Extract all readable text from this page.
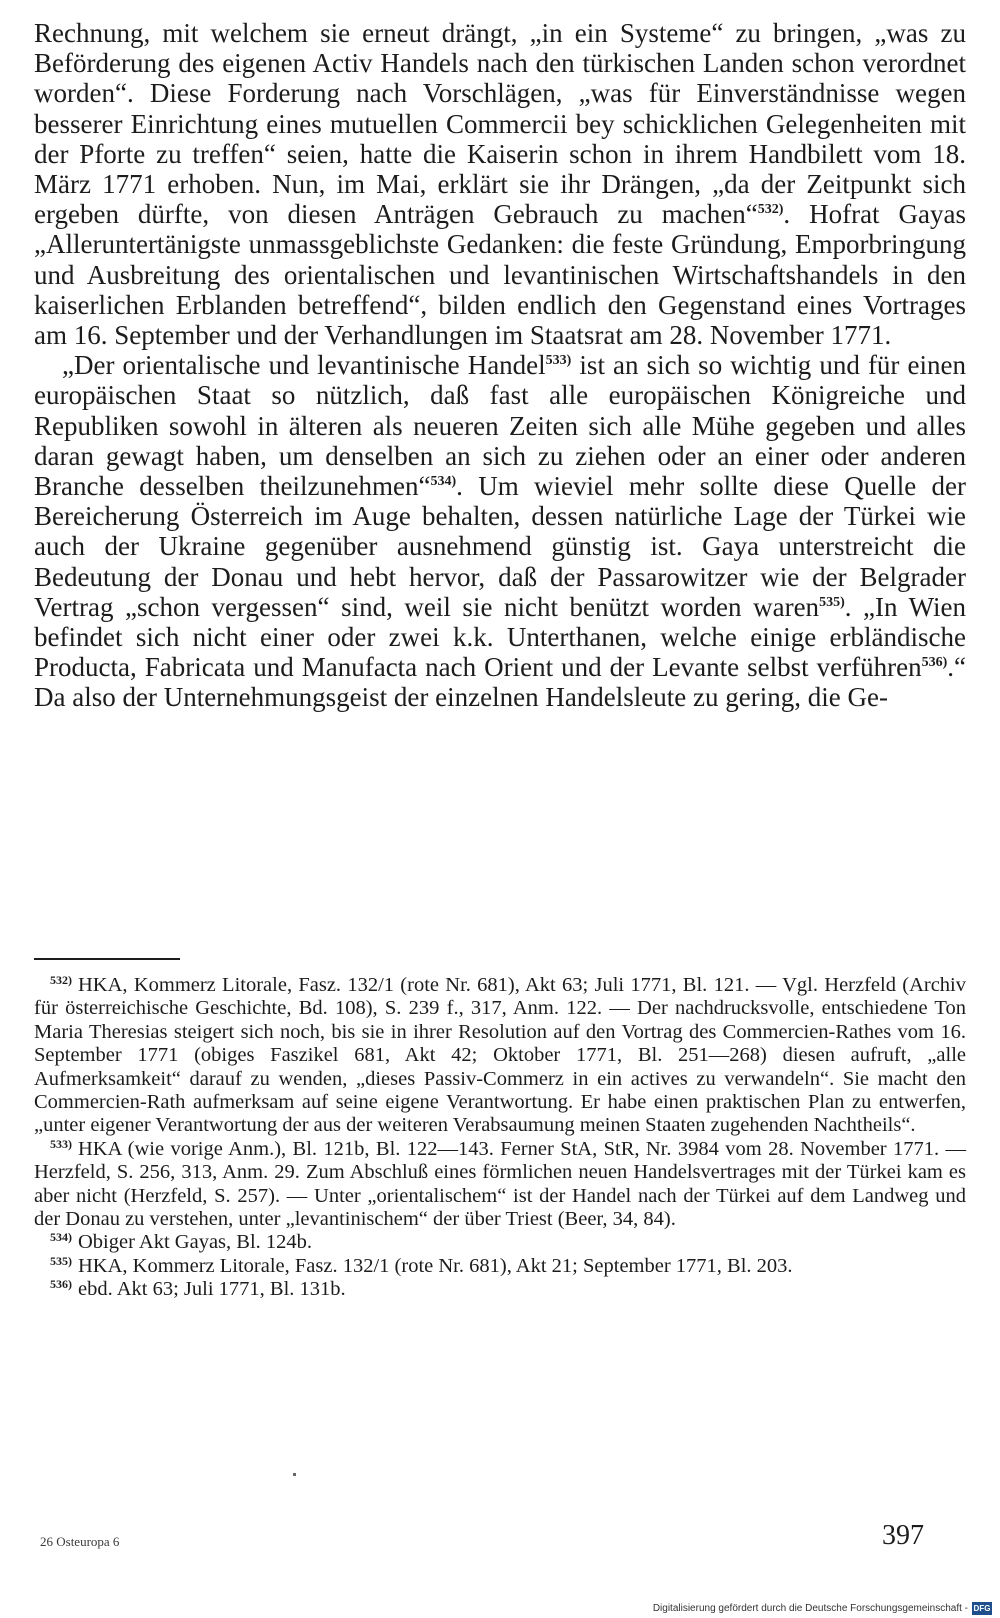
Rechnung, mit welchem sie erneut drängt, „in ein Systeme“ zu bringen, „was zu Beförderung des eigenen Activ Handels nach den türkischen Landen schon verordnet worden“. Diese Forderung nach Vorschlägen, „was für Einverständnisse wegen besserer Einrichtung eines mutuellen Commercii bey schicklichen Gelegenheiten mit der Pforte zu treffen“ seien, hatte die Kaiserin schon in ihrem Handbilett vom 18. März 1771 erhoben. Nun, im Mai, erklärt sie ihr Drängen, „da der Zeitpunkt sich ergeben dürfte, von diesen Anträgen Gebrauch zu machen“$^{532)}$. Hofrat Gayas „Alleruntertänigste unmassgeblichste Gedanken: die feste Gründung, Emporbringung und Ausbreitung des orientalischen und levantinischen Wirtschaftshandels in den kaiserlichen Erblanden betreffend“, bilden endlich den Gegenstand eines Vortrages am 16. September und der Verhandlungen im Staatsrat am 28. November 1771.

„Der orientalische und levantinische Handel$^{533)}$ ist an sich so wichtig und für einen europäischen Staat so nützlich, daß fast alle europäischen Königreiche und Republiken sowohl in älteren als neueren Zeiten sich alle Mühe gegeben und alles daran gewagt haben, um denselben an sich zu ziehen oder an einer oder anderen Branche desselben theilzunehmen“$^{534)}$. Um wieviel mehr sollte diese Quelle der Bereicherung Österreich im Auge behalten, dessen natürliche Lage der Türkei wie auch der Ukraine gegenüber ausnehmend günstig ist. Gaya unterstreicht die Bedeutung der Donau und hebt hervor, daß der Passarowitzer wie der Belgrader Vertrag „schon vergessen“ sind, weil sie nicht benützt worden waren$^{535)}$. „In Wien befindet sich nicht einer oder zwei k.k. Unterthanen, welche einige erbländische Producta, Fabricata und Manufacta nach Orient und der Levante selbst verführen$^{536)}$.“ Da also der Unternehmungsgeist der einzelnen Handelsleute zu gering, die Ge-

$^{532)}$ HKA, Kommerz Litorale, Fasz. 132/1 (rote Nr. 681), Akt 63; Juli 1771, Bl. 121. — Vgl. Herzfeld (Archiv für österreichische Geschichte, Bd. 108), S. 239 f., 317, Anm. 122. — Der nachdrucksvolle, entschiedene Ton Maria Theresias steigert sich noch, bis sie in ihrer Resolution auf den Vortrag des Commercien-Rathes vom 16. September 1771 (obiges Faszikel 681, Akt 42; Oktober 1771, Bl. 251—268) diesen aufruft, „alle Aufmerksamkeit“ darauf zu wenden, „dieses Passiv-Commerz in ein actives zu verwandeln“. Sie macht den Commercien-Rath aufmerksam auf seine eigene Verantwortung. Er habe einen praktischen Plan zu entwerfen, „unter eigener Verantwortung der aus der weiteren Verabsaumung meinen Staaten zugehenden Nachtheils“.

$^{533)}$ HKA (wie vorige Anm.), Bl. 121b, Bl. 122—143. Ferner StA, StR, Nr. 3984 vom 28. November 1771. — Herzfeld, S. 256, 313, Anm. 29. Zum Abschluß eines förmlichen neuen Handelsvertrages mit der Türkei kam es aber nicht (Herzfeld, S. 257). — Unter „orientalischem“ ist der Handel nach der Türkei auf dem Landweg und der Donau zu verstehen, unter „levantinischem“ der über Triest (Beer, 34, 84).

$^{534)}$ Obiger Akt Gayas, Bl. 124b.

$^{535)}$ HKA, Kommerz Litorale, Fasz. 132/1 (rote Nr. 681), Akt 21; September 1771, Bl. 203.

$^{536)}$ ebd. Akt 63; Juli 1771, Bl. 131b.

26 Osteuropa 6	397
Digitalisierung gefördert durch die Deutsche Forschungsgemeinschaft - DFG
